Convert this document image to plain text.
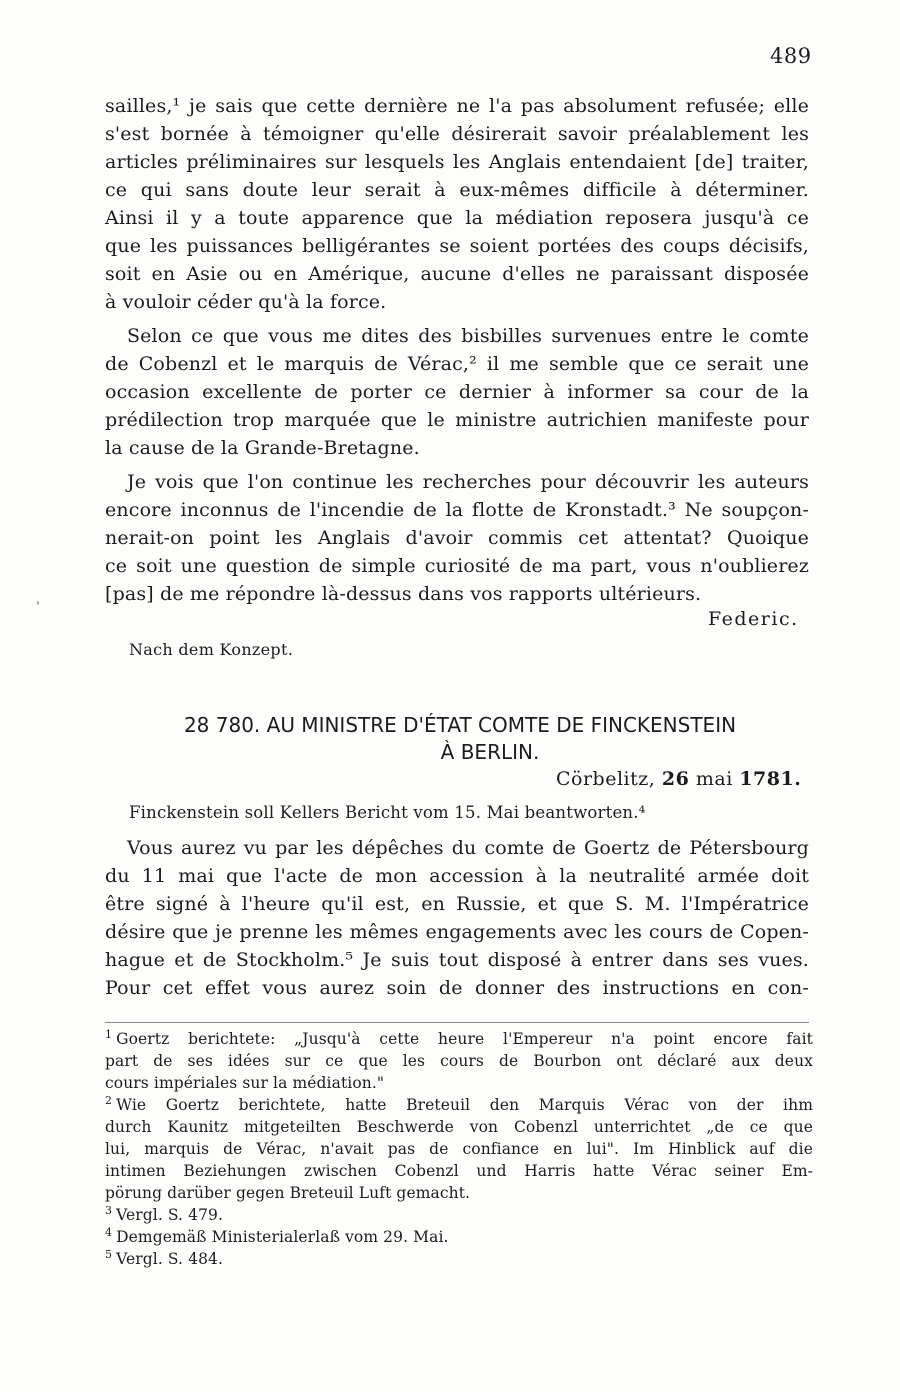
489
sailles,¹ je sais que cette dernière ne l'a pas absolument refusée; elle
s'est bornée à témoigner qu'elle désirerait savoir préalablement les
articles préliminaires sur lesquels les Anglais entendaient [de] traiter,
ce qui sans doute leur serait à eux-mêmes difficile à déterminer.
Ainsi il y a toute apparence que la médiation reposera jusqu'à ce
que les puissances belligérantes se soient portées des coups décisifs,
soit en Asie ou en Amérique, aucune d'elles ne paraissant disposée
à vouloir céder qu'à la force.
Selon ce que vous me dites des bisbilles survenues entre le comte
de Cobenzl et le marquis de Vérac,² il me semble que ce serait une
occasion excellente de porter ce dernier à informer sa cour de la
prédilection trop marquée que le ministre autrichien manifeste pour
la cause de la Grande-Bretagne.
Je vois que l'on continue les recherches pour découvrir les auteurs
encore inconnus de l'incendie de la flotte de Kronstadt.³ Ne soupçon-
nerait-on point les Anglais d'avoir commis cet attentat? Quoique
ce soit une question de simple curiosité de ma part, vous n'oublierez
[pas] de me répondre là-dessus dans vos rapports ultérieurs.
Federic.
Nach dem Konzept.
28 780. AU MINISTRE D'ÉTAT COMTE DE FINCKENSTEIN
À BERLIN.
Cörbelitz, 26 mai 1781.
Finckenstein soll Kellers Bericht vom 15. Mai beantworten.⁴
Vous aurez vu par les dépêches du comte de Goertz de Pétersbourg
du 11 mai que l'acte de mon accession à la neutralité armée doit
être signé à l'heure qu'il est, en Russie, et que S. M. l'Impératrice
désire que je prenne les mêmes engagements avec les cours de Copen-
hague et de Stockholm.⁵ Je suis tout disposé à entrer dans ses vues.
Pour cet effet vous aurez soin de donner des instructions en con-
$^1$ Goertz berichtete: „Jusqu'à cette heure l'Empereur n'a point encore fait
part de ses idées sur ce que les cours de Bourbon ont déclaré aux deux
cours impériales sur la médiation."
$^2$ Wie Goertz berichtete, hatte Breteuil den Marquis Vérac von der ihm
durch Kaunitz mitgeteilten Beschwerde von Cobenzl unterrichtet „de ce que
lui, marquis de Vérac, n'avait pas de confiance en lui". Im Hinblick auf die
intimen Beziehungen zwischen Cobenzl und Harris hatte Vérac seiner Em-
pörung darüber gegen Breteuil Luft gemacht.
$^3$ Vergl. S. 479.
$^4$ Demgemäß Ministerialerlaß vom 29. Mai.
$^5$ Vergl. S. 484.
